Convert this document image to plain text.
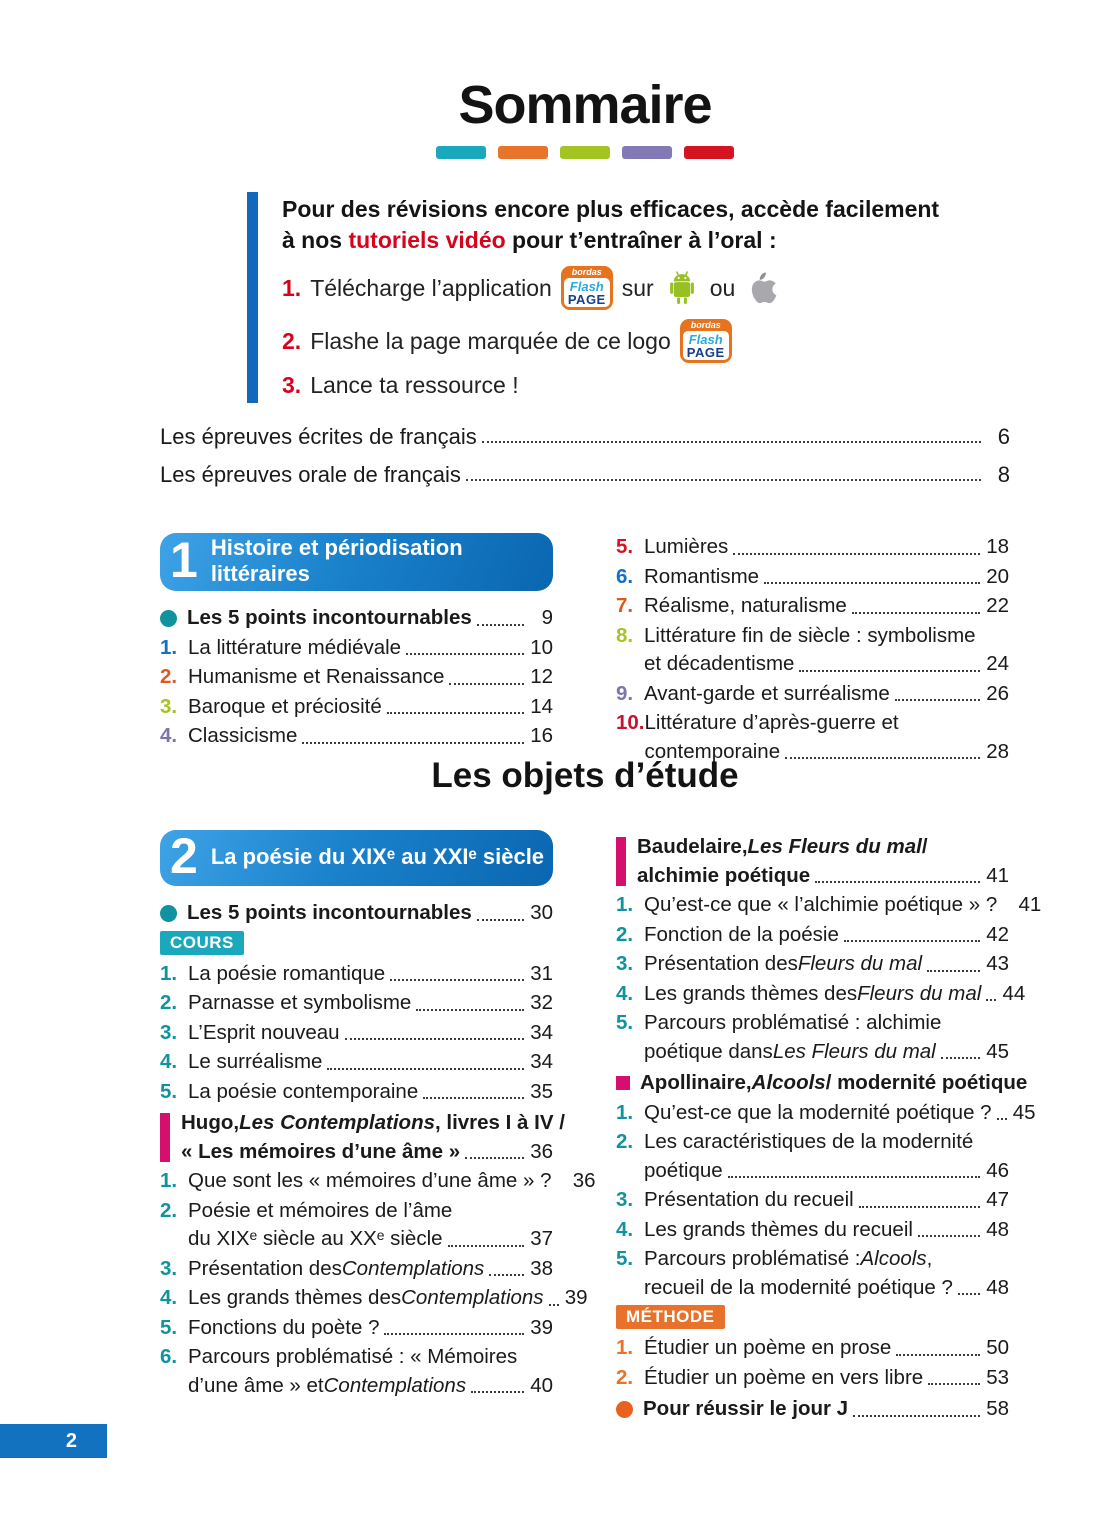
Sommaire
Pour des révisions encore plus efficaces, accède facilement
à nos tutoriels vidéo pour t’entraîner à l’oral :
1. Télécharge l’application
bordas
Flash
PAGE sur ou
2. Flashe la page marquée de ce logo
bordas
Flash
PAGE
3. Lance ta ressource !
Les épreuves écrites de français	6
Les épreuves orale de français	8
1 Histoire et périodisation littéraires
Les 5 points incontournables	9
1. La littérature médiévale	10
2. Humanisme et Renaissance	12
3. Baroque et préciosité	14
4. Classicisme	16
5. Lumières	18
6. Romantisme	20
7. Réalisme, naturalisme	22
8. Littérature fin de siècle : symbolisme
et décadentisme	24
9. Avant-garde et surréalisme	26
10. Littérature d’après-guerre et
contemporaine	28
Les objets d’étude
2 La poésie du XIXᵉ au XXIᵉ siècle
Les 5 points incontournables	30
COURS
1. La poésie romantique	31
2. Parnasse et symbolisme	32
3. L’Esprit nouveau	34
4. Le surréalisme	34
5. La poésie contemporaine	35
Hugo, Les Contemplations , livres I à IV /
« Les mémoires d’une âme »	36
1. Que sont les « mémoires d’une âme » ? 36
2. Poésie et mémoires de l’âme
du XIXᵉ siècle au XXᵉ siècle	37
3. Présentation des Contemplations 38
4. Les grands thèmes des Contemplations 39
5. Fonctions du poète ?	39
6. Parcours problématisé : « Mémoires
d’une âme » et Contemplations	40
Baudelaire, Les Fleurs du mal /
alchimie poétique	41
1. Qu’est-ce que « l’alchimie poétique » ? 41
2. Fonction de la poésie	42
3. Présentation des Fleurs du mal	43
4. Les grands thèmes des Fleurs du mal 44
5. Parcours problématisé : alchimie
poétique dans Les Fleurs du mal 45
Apollinaire, Alcools / modernité poétique
1. Qu’est-ce que la modernité poétique ? 45
2. Les caractéristiques de la modernité
poétique	46
3. Présentation du recueil	47
4. Les grands thèmes du recueil	48
5. Parcours problématisé : Alcools ,
recueil de la modernité poétique ? 48
MÉTHODE
1. Étudier un poème en prose	50
2. Étudier un poème en vers libre	53
Pour réussir le jour J	58
2
